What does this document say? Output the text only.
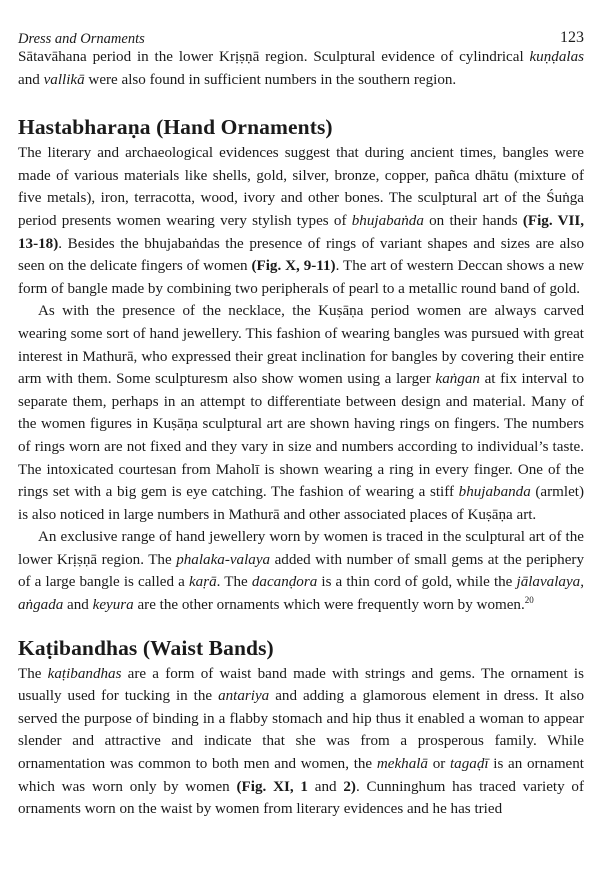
Dress and Ornaments	123

Sātavāhana period in the lower Krịṣṇā region. Sculptural evidence of cylindrical kuṇḍalas and vallikā were also found in sufficient numbers in the southern region.

Hastabharaṇa (Hand Ornaments)

The literary and archaeological evidences suggest that during ancient times, bangles were made of various materials like shells, gold, silver, bronze, copper, pañca dhātu (mixture of five metals), iron, terracotta, wood, ivory and other bones. The sculptural art of the Śuṅga period presents women wearing very stylish types of bhujabaṅda on their hands (Fig. VII, 13-18). Besides the bhujabaṅdas the presence of rings of variant shapes and sizes are also seen on the delicate fingers of women (Fig. X, 9-11). The art of western Deccan shows a new form of bangle made by combining two peripherals of pearl to a metallic round band of gold.

As with the presence of the necklace, the Kuṣāṇa period women are always carved wearing some sort of hand jewellery. This fashion of wearing bangles was pursued with great interest in Mathurā, who expressed their great inclination for bangles by covering their entire arm with them. Some sculpturesm also show women using a larger kaṅgan at fix interval to separate them, perhaps in an attempt to differentiate between design and material. Many of the women figures in Kuṣāṇa sculptural art are shown having rings on fingers. The numbers of rings worn are not fixed and they vary in size and numbers according to individual’s taste. The intoxicated courtesan from Maholī is shown wearing a ring in every finger. One of the rings set with a big gem is eye catching. The fashion of wearing a stiff bhujabanda (armlet) is also noticed in large numbers in Mathurā and other associated places of Kuṣāṇa art.

An exclusive range of hand jewellery worn by women is traced in the sculptural art of the lower Krịṣṇā region. The phalaka-valaya added with number of small gems at the periphery of a large bangle is called a kaṛā. The dacanḍora is a thin cord of gold, while the jālavalaya, aṅgada and keyura are the other ornaments which were frequently worn by women.$^{20}$

Kaṭibandhas (Waist Bands)

The kaṭibandhas are a form of waist band made with strings and gems. The ornament is usually used for tucking in the antariya and adding a glamorous element in dress. It also served the purpose of binding in a flabby stomach and hip thus it enabled a woman to appear slender and attractive and indicate that she was from a prosperous family. While ornamentation was common to both men and women, the mekhalā or tagaḍī is an ornament which was worn only by women (Fig. XI, 1 and 2). Cunninghum has traced variety of ornaments worn on the waist by women from literary evidences and he has tried
